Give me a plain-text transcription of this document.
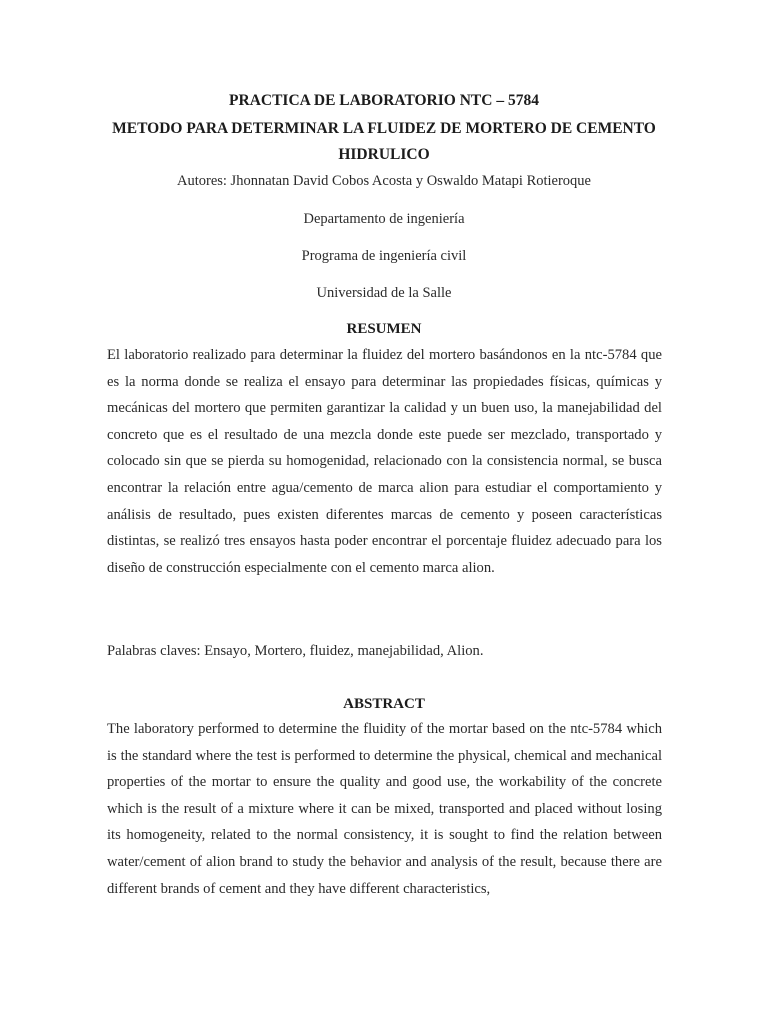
PRACTICA DE LABORATORIO NTC – 5784
METODO PARA DETERMINAR LA FLUIDEZ DE MORTERO DE CEMENTO
HIDRULICO
Autores: Jhonnatan David Cobos Acosta y Oswaldo Matapi Rotieroque
Departamento de ingeniería
Programa de ingeniería civil
Universidad de la Salle
RESUMEN
El laboratorio realizado para determinar la fluidez del mortero basándonos en la ntc-5784 que es la norma donde se realiza el ensayo para determinar las propiedades físicas, químicas y mecánicas del mortero que permiten garantizar la calidad y un buen uso, la manejabilidad del concreto que es el resultado de una mezcla donde este puede ser mezclado, transportado y colocado sin que se pierda su homogenidad, relacionado con la consistencia normal, se busca encontrar la relación entre agua/cemento de marca alion para estudiar el comportamiento y análisis de resultado, pues existen diferentes marcas de cemento y poseen características distintas, se realizó tres ensayos hasta poder encontrar el porcentaje fluidez adecuado para los diseño de construcción especialmente con el cemento marca alion.
Palabras claves: Ensayo, Mortero, fluidez, manejabilidad, Alion.
ABSTRACT
The laboratory performed to determine the fluidity of the mortar based on the ntc-5784 which is the standard where the test is performed to determine the physical, chemical and mechanical properties of the mortar to ensure the quality and good use, the workability of the concrete which is the result of a mixture where it can be mixed, transported and placed without losing its homogeneity, related to the normal consistency, it is sought to find the relation between water/cement of alion brand to study the behavior and analysis of the result, because there are different brands of cement and they have different characteristics,
